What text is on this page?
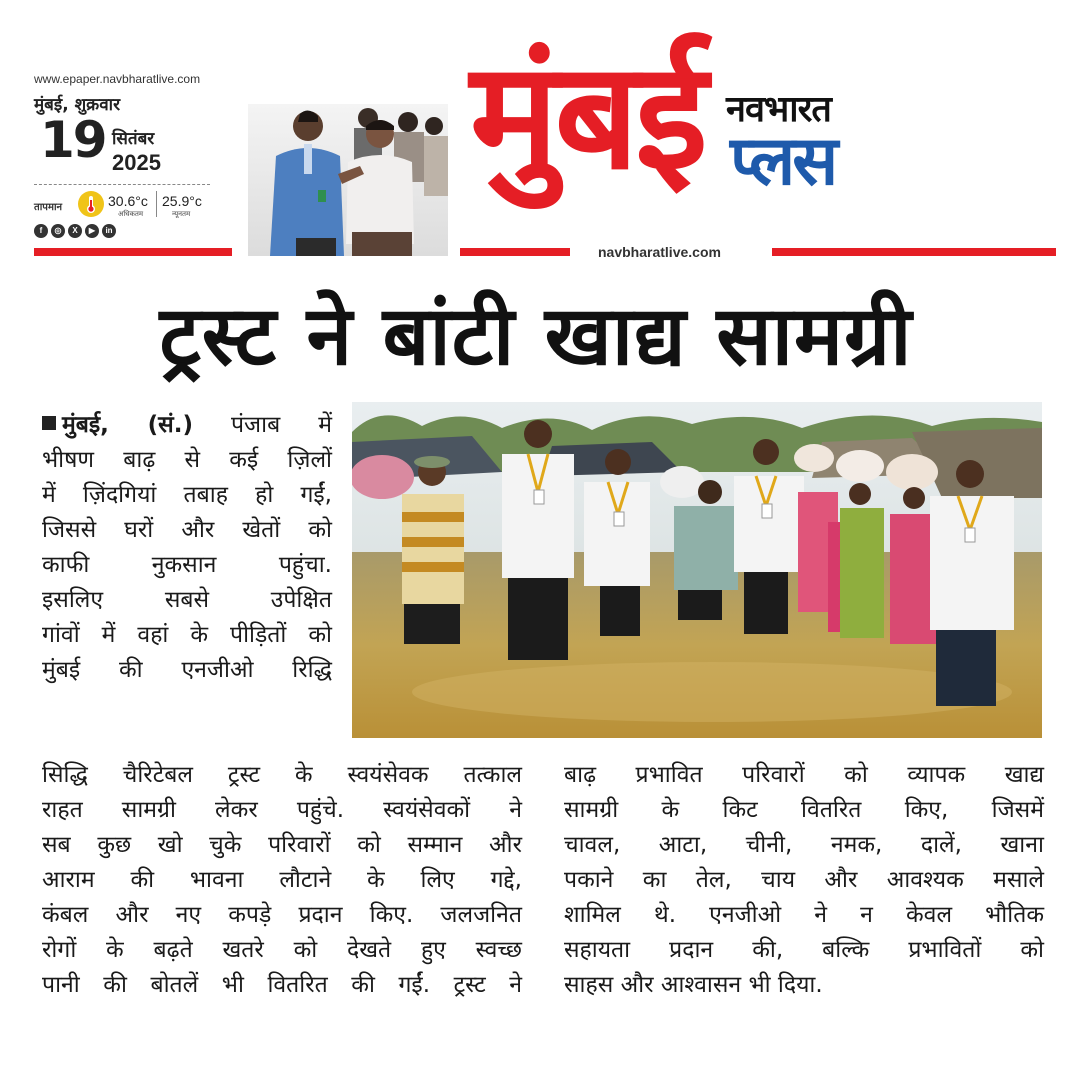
www.epaper.navbharatlive.com
मुंबई, शुक्रवार
19 सितंबर
2025
तापमान	30.6°c
अधिकतम
25.9°c
न्यूनतम
f	◎	X	▶	in
मुंबई नवभारत
प्लस
navbharatlive.com
ट्रस्ट ने बांटी खाद्य सामग्री
मुंबई, (सं.) पंजाब में
भीषण बाढ़ से कई ज़िलों
में ज़िंदगियां तबाह हो गईं,
जिससे घरों और खेतों को
काफी नुकसान पहुंचा.
इसलिए सबसे उपेक्षित
गांवों में वहां के पीड़ितों को
मुंबई की एनजीओ रिद्धि
सिद्धि चैरिटेबल ट्रस्ट के स्वयंसेवक तत्काल
राहत सामग्री लेकर पहुंचे. स्वयंसेवकों ने
सब कुछ खो चुके परिवारों को सम्मान और
आराम की भावना लौटाने के लिए गद्दे,
कंबल और नए कपड़े प्रदान किए. जलजनित
रोगों के बढ़ते खतरे को देखते हुए स्वच्छ
पानी की बोतलें भी वितरित की गईं. ट्रस्ट ने
बाढ़ प्रभावित परिवारों को व्यापक खाद्य
सामग्री के किट वितरित किए, जिसमें
चावल, आटा, चीनी, नमक, दालें, खाना
पकाने का तेल, चाय और आवश्यक मसाले
शामिल थे. एनजीओ ने न केवल भौतिक
सहायता प्रदान की, बल्कि प्रभावितों को
साहस और आश्वासन भी दिया.
